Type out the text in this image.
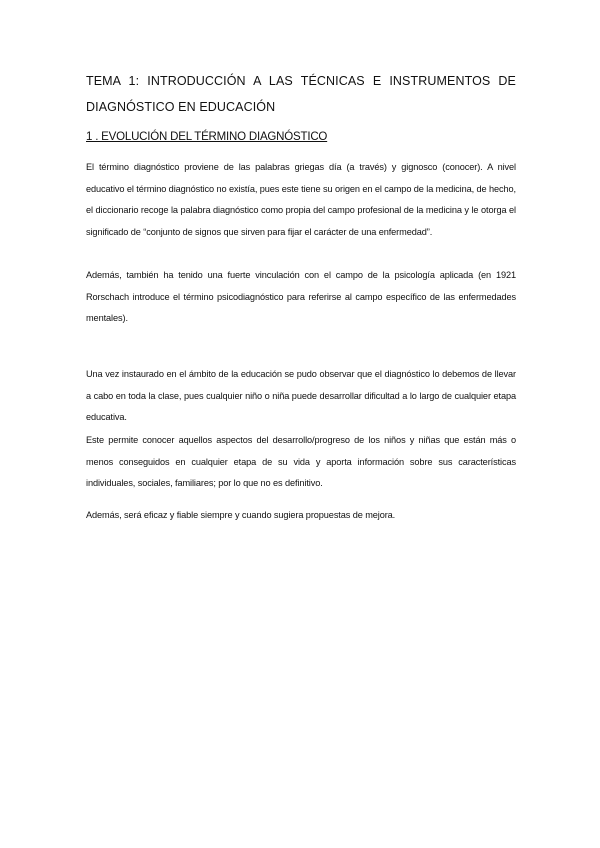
TEMA 1: INTRODUCCIÓN A LAS TÉCNICAS E INSTRUMENTOS DE DIAGNÓSTICO EN EDUCACIÓN
1 . EVOLUCIÓN DEL TÉRMINO DIAGNÓSTICO

El término diagnóstico proviene de las palabras griegas día (a través) y gignosco (conocer). A nivel educativo el término diagnóstico no existía, pues este tiene su origen en el campo de la medicina, de hecho, el diccionario recoge la palabra diagnóstico como propia del campo profesional de la medicina y le otorga el significado de “conjunto de signos que sirven para fijar el carácter de una enfermedad”.

Además, también ha tenido una fuerte vinculación con el campo de la psicología aplicada (en 1921 Rorschach introduce el término psicodiagnóstico para referirse al campo específico de las enfermedades mentales).

Una vez instaurado en el ámbito de la educación se pudo observar que el diagnóstico lo debemos de llevar a cabo en toda la clase, pues cualquier niño o niña puede desarrollar dificultad a lo largo de cualquier etapa educativa.

Este permite conocer aquellos aspectos del desarrollo/progreso de los niños y niñas que están más o menos conseguidos en cualquier etapa de su vida y aporta información sobre sus características individuales, sociales, familiares; por lo que no es definitivo.

Además, será eficaz y fiable siempre y cuando sugiera propuestas de mejora.
